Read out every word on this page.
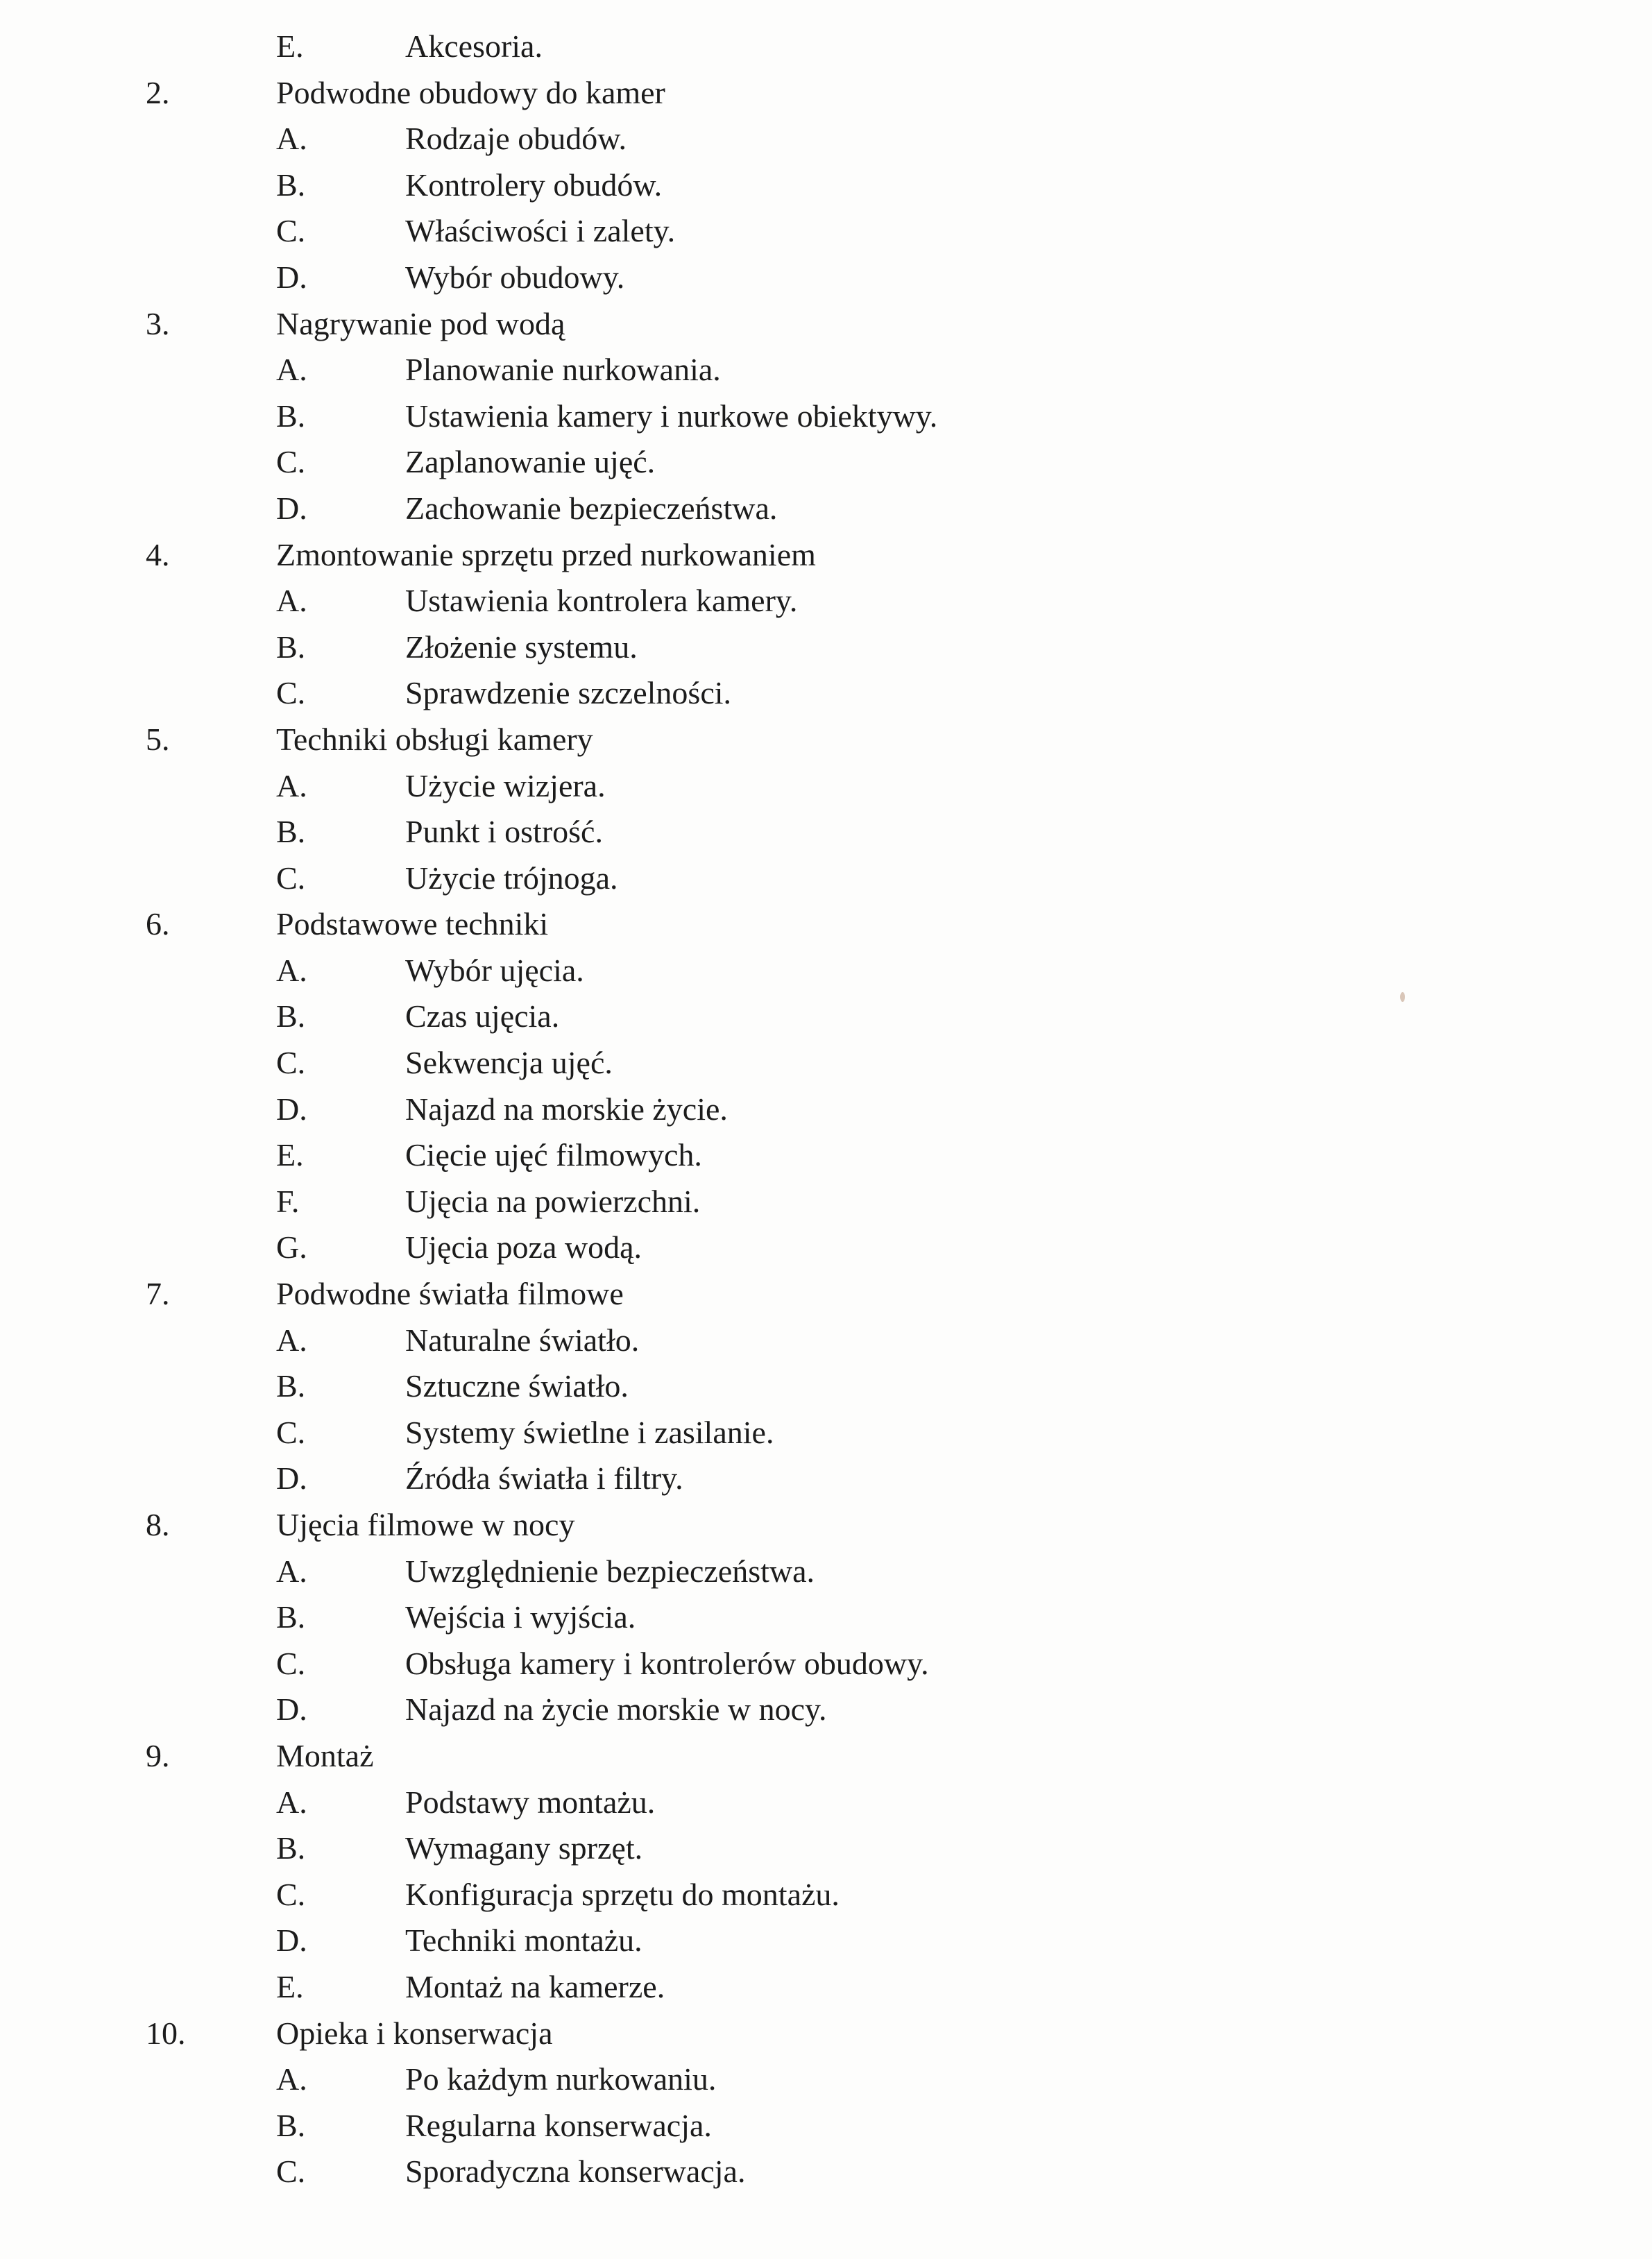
E.	Akcesoria.
2.	Podwodne obudowy do kamer
A.	Rodzaje obudów.
B.	Kontrolery obudów.
C.	Właściwości i zalety.
D.	Wybór obudowy.
3.	Nagrywanie pod wodą
A.	Planowanie nurkowania.
B.	Ustawienia kamery i nurkowe obiektywy.
C.	Zaplanowanie ujęć.
D.	Zachowanie bezpieczeństwa.
4.	Zmontowanie sprzętu przed nurkowaniem
A.	Ustawienia kontrolera kamery.
B.	Złożenie systemu.
C.	Sprawdzenie szczelności.
5.	Techniki obsługi kamery
A.	Użycie wizjera.
B.	Punkt i ostrość.
C.	Użycie trójnoga.
6.	Podstawowe techniki
A.	Wybór ujęcia.
B.	Czas ujęcia.
C.	Sekwencja ujęć.
D.	Najazd na morskie życie.
E.	Cięcie ujęć filmowych.
F.	Ujęcia na powierzchni.
G.	Ujęcia poza wodą.
7.	Podwodne światła filmowe
A.	Naturalne światło.
B.	Sztuczne światło.
C.	Systemy świetlne i zasilanie.
D.	Źródła światła i filtry.
8.	Ujęcia filmowe w nocy
A.	Uwzględnienie bezpieczeństwa.
B.	Wejścia i wyjścia.
C.	Obsługa kamery i kontrolerów obudowy.
D.	Najazd na życie morskie w nocy.
9.	Montaż
A.	Podstawy montażu.
B.	Wymagany sprzęt.
C.	Konfiguracja sprzętu do montażu.
D.	Techniki montażu.
E.	Montaż na kamerze.
10.	Opieka i konserwacja
A.	Po każdym nurkowaniu.
B.	Regularna konserwacja.
C.	Sporadyczna konserwacja.
